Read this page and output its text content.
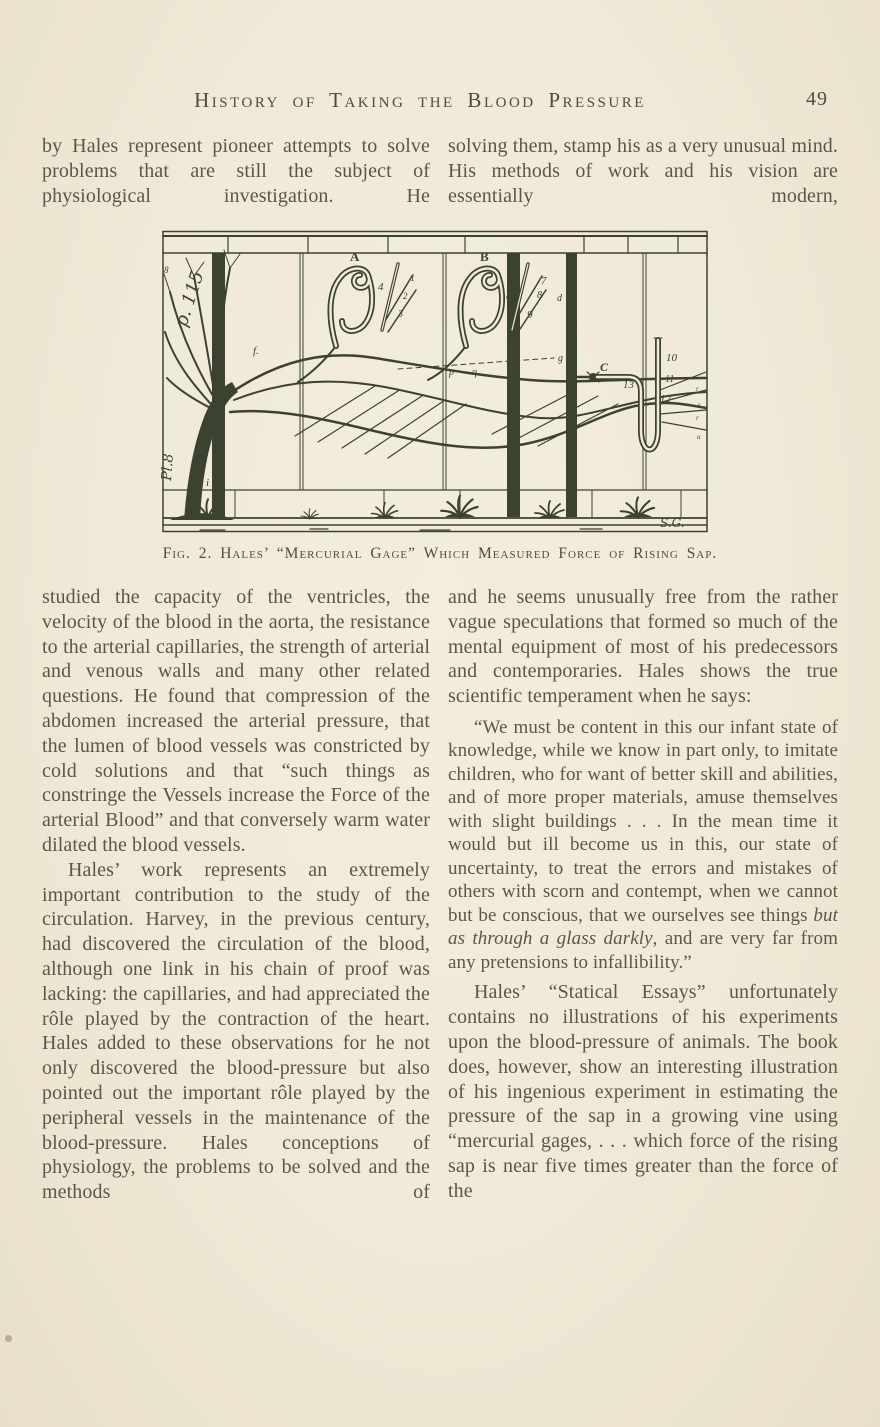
History of Taking the Blood Pressure	49

by Hales represent pioneer attempts to solve problems that are still the subject of physiological investigation. He

solving them, stamp his as a very unusual mind. His methods of work and his vision are essentially modern,

A	B
C
1
2
3
4	5
6
7
8
9
g
d
f.
k
i
8
p q
10
11
12
13	r
s
r
u
p. 115
Pl.8
S.G.
Fig. 2. Hales’ “Mercurial Gage” Which Measured Force of Rising Sap.

studied the capacity of the ventricles, the velocity of the blood in the aorta, the resistance to the arterial capillaries, the strength of arterial and venous walls and many other related questions. He found that compression of the abdomen increased the arterial pressure, that the lumen of blood vessels was constricted by cold solutions and that “such things as constringe the Vessels increase the Force of the arterial Blood” and that conversely warm water dilated the blood vessels.

Hales’ work represents an extremely important contribution to the study of the circulation. Harvey, in the previous century, had discovered the circulation of the blood, although one link in his chain of proof was lacking: the capillaries, and had appreciated the rôle played by the contraction of the heart. Hales added to these observations for he not only discovered the blood-pressure but also pointed out the important rôle played by the peripheral vessels in the maintenance of the blood-pressure. Hales conceptions of physiology, the problems to be solved and the methods of

and he seems unusually free from the rather vague speculations that formed so much of the mental equipment of most of his predecessors and contemporaries. Hales shows the true scientific temperament when he says:

“We must be content in this our infant state of knowledge, while we know in part only, to imitate children, who for want of better skill and abilities, and of more proper materials, amuse themselves with slight buildings . . . In the mean time it would but ill become us in this, our state of uncertainty, to treat the errors and mistakes of others with scorn and contempt, when we cannot but be conscious, that we ourselves see things but as through a glass darkly, and are very far from any pretensions to infallibility.”

Hales’ “Statical Essays” unfortunately contains no illustrations of his experiments upon the blood-pressure of animals. The book does, however, show an interesting illustration of his ingenious experiment in estimating the pressure of the sap in a growing vine using “mercurial gages, . . . which force of the rising sap is near five times greater than the force of the
